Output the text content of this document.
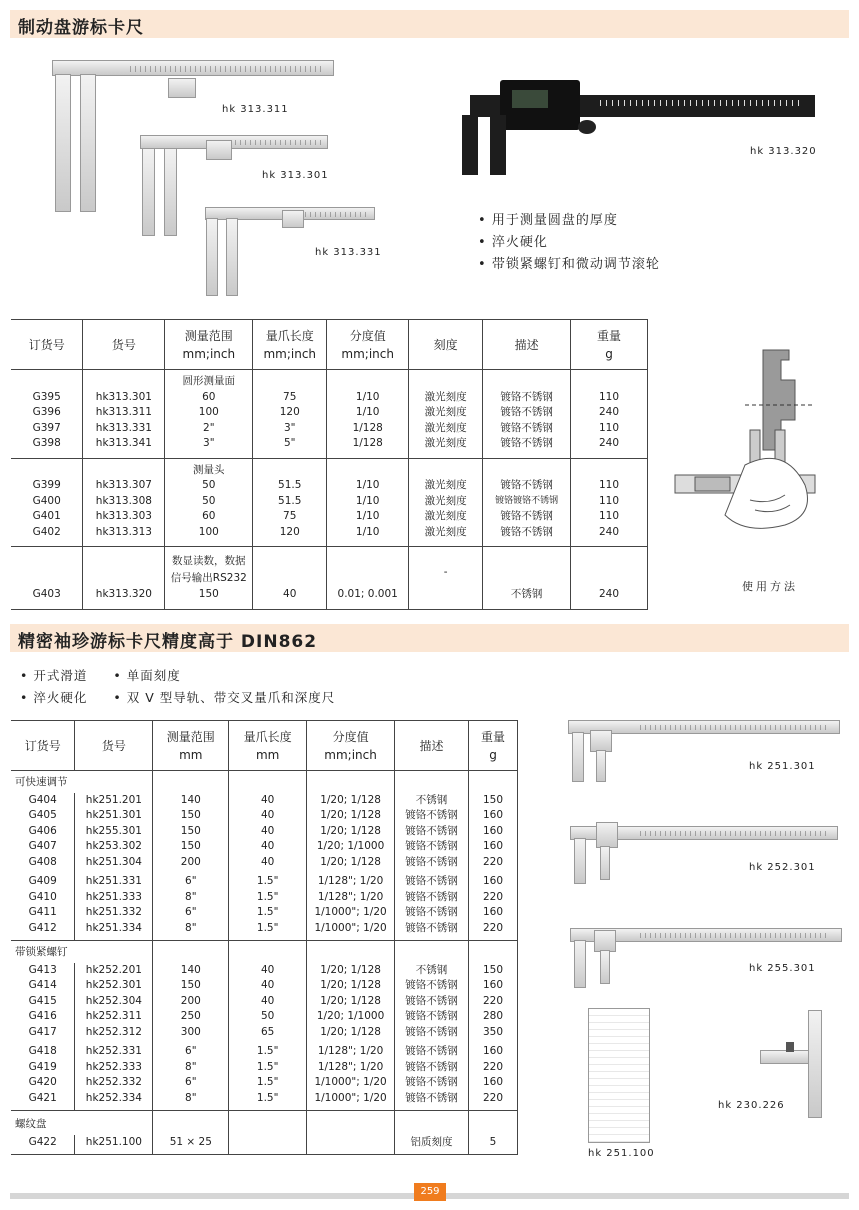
制动盘游标卡尺
hk 313.311
hk 313.301
hk 313.331
hk 313.320
• 用于测量圆盘的厚度
• 淬火硬化
• 带锁紧螺钉和微动调节滚轮
使用方法
订货号	货号	测量范围
mm;inch	量爪长度
mm;inch	分度值
mm;inch	刻度	描述	重量
g
		圆形测量面					
G395	hk313.301	60	75	1/10	激光刻度	镀铬不锈钢	110
G396	hk313.311	100	120	1/10	激光刻度	镀铬不锈钢	240
G397	hk313.331	2"	3"	1/128	激光刻度	镀铬不锈钢	110
G398	hk313.341	3"	5"	1/128	激光刻度	镀铬不锈钢	240
		测量头					
G399	hk313.307	50	51.5	1/10	激光刻度	镀铬不锈钢	110
G400	hk313.308	50	51.5	1/10	激光刻度	镀铬镀铬不锈钢	110
G401	hk313.303	60	75	1/10	激光刻度	镀铬不锈钢	110
G402	hk313.313	100	120	1/10	激光刻度	镀铬不锈钢	240
		数显读数，数据
信号输出RS232			-		
G403	hk313.320	150	40	0.01; 0.001		不锈钢	240
精密袖珍游标卡尺精度高于 DIN862
• 开式滑道 • 单面刻度
• 淬火硬化 • 双 V 型导轨、带交叉量爪和深度尺
hk 251.301
hk 252.301
hk 255.301
hk 251.100
hk 230.226
订货号	货号	测量范围
mm	量爪长度
mm	分度值
mm;inch	描述	重量
g
可快速调节						
G404	hk251.201	140	40	1/20; 1/128	不锈钢	150
G405	hk251.301	150	40	1/20; 1/128	镀铬不锈钢	160
G406	hk255.301	150	40	1/20; 1/128	镀铬不锈钢	160
G407	hk253.302	150	40	1/20; 1/1000	镀铬不锈钢	160
G408	hk251.304	200	40	1/20; 1/128	镀铬不锈钢	220
G409	hk251.331	6"	1.5"	1/128"; 1/20	镀铬不锈钢	160
G410	hk251.333	8"	1.5"	1/128"; 1/20	镀铬不锈钢	220
G411	hk251.332	6"	1.5"	1/1000"; 1/20	镀铬不锈钢	160
G412	hk251.334	8"	1.5"	1/1000"; 1/20	镀铬不锈钢	220
带锁紧螺钉						
G413	hk252.201	140	40	1/20; 1/128	不锈钢	150
G414	hk252.301	150	40	1/20; 1/128	镀铬不锈钢	160
G415	hk252.304	200	40	1/20; 1/128	镀铬不锈钢	220
G416	hk252.311	250	50	1/20; 1/1000	镀铬不锈钢	280
G417	hk252.312	300	65	1/20; 1/128	镀铬不锈钢	350
G418	hk252.331	6"	1.5"	1/128"; 1/20	镀铬不锈钢	160
G419	hk252.333	8"	1.5"	1/128"; 1/20	镀铬不锈钢	220
G420	hk252.332	6"	1.5"	1/1000"; 1/20	镀铬不锈钢	160
G421	hk252.334	8"	1.5"	1/1000"; 1/20	镀铬不锈钢	220
螺纹盘						
G422	hk251.100	51 × 25			铝质刻度	5
259
